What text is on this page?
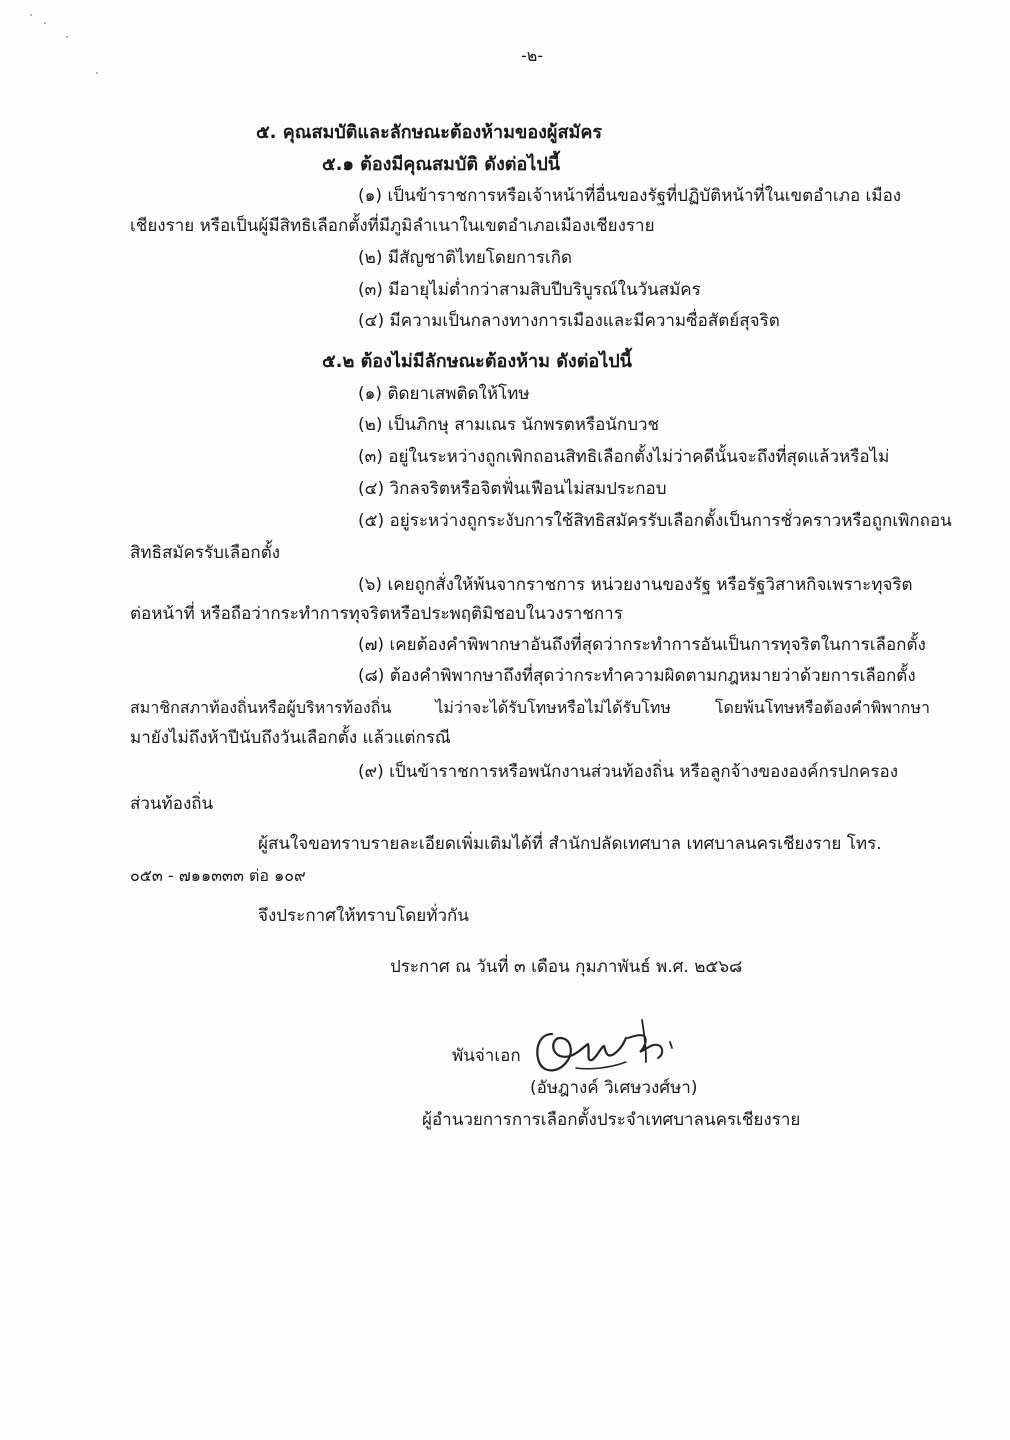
-๒-
๕. คุณสมบัติและลักษณะต้องห้ามของผู้สมัคร
๕.๑ ต้องมีคุณสมบัติ ดังต่อไปนี้
(๑) เป็นข้าราชการหรือเจ้าหน้าที่อื่นของรัฐที่ปฏิบัติหน้าที่ในเขตอำเภอ เมือง
เชียงราย หรือเป็นผู้มีสิทธิเลือกตั้งที่มีภูมิลำเนาในเขตอำเภอเมืองเชียงราย
(๒) มีสัญชาติไทยโดยการเกิด
(๓) มีอายุไม่ต่ำกว่าสามสิบปีบริบูรณ์ในวันสมัคร
(๔) มีความเป็นกลางทางการเมืองและมีความซื่อสัตย์สุจริต
๕.๒ ต้องไม่มีลักษณะต้องห้าม ดังต่อไปนี้
(๑) ติดยาเสพติดให้โทษ
(๒) เป็นภิกษุ สามเณร นักพรตหรือนักบวช
(๓) อยู่ในระหว่างถูกเพิกถอนสิทธิเลือกตั้งไม่ว่าคดีนั้นจะถึงที่สุดแล้วหรือไม่
(๔) วิกลจริตหรือจิตฟั่นเฟือนไม่สมประกอบ
(๕) อยู่ระหว่างถูกระงับการใช้สิทธิสมัครรับเลือกตั้งเป็นการชั่วคราวหรือถูกเพิกถอน
สิทธิสมัครรับเลือกตั้ง
(๖) เคยถูกสั่งให้พ้นจากราชการ หน่วยงานของรัฐ หรือรัฐวิสาหกิจเพราะทุจริต
ต่อหน้าที่ หรือถือว่ากระทำการทุจริตหรือประพฤติมิชอบในวงราชการ
(๗) เคยต้องคำพิพากษาอันถึงที่สุดว่ากระทำการอันเป็นการทุจริตในการเลือกตั้ง
(๘) ต้องคำพิพากษาถึงที่สุดว่ากระทำความผิดตามกฎหมายว่าด้วยการเลือกตั้ง
สมาชิกสภาท้องถิ่นหรือผู้บริหารท้องถิ่น ไม่ว่าจะได้รับโทษหรือไม่ได้รับโทษ โดยพ้นโทษหรือต้องคำพิพากษา
มายังไม่ถึงห้าปีนับถึงวันเลือกตั้ง แล้วแต่กรณี
(๙) เป็นข้าราชการหรือพนักงานส่วนท้องถิ่น หรือลูกจ้างขององค์กรปกครอง
ส่วนท้องถิ่น
ผู้สนใจขอทราบรายละเอียดเพิ่มเติมได้ที่ สำนักปลัดเทศบาล เทศบาลนครเชียงราย โทร.
๐๕๓ - ๗๑๑๓๓๓ ต่อ ๑๐๙
จึงประกาศให้ทราบโดยทั่วกัน
ประกาศ ณ วันที่ ๓ เดือน กุมภาพันธ์ พ.ศ. ๒๕๖๘
พันจ่าเอก
(อัษฎางค์ วิเศษวงศ์ษา)
ผู้อำนวยการการเลือกตั้งประจำเทศบาลนครเชียงราย
